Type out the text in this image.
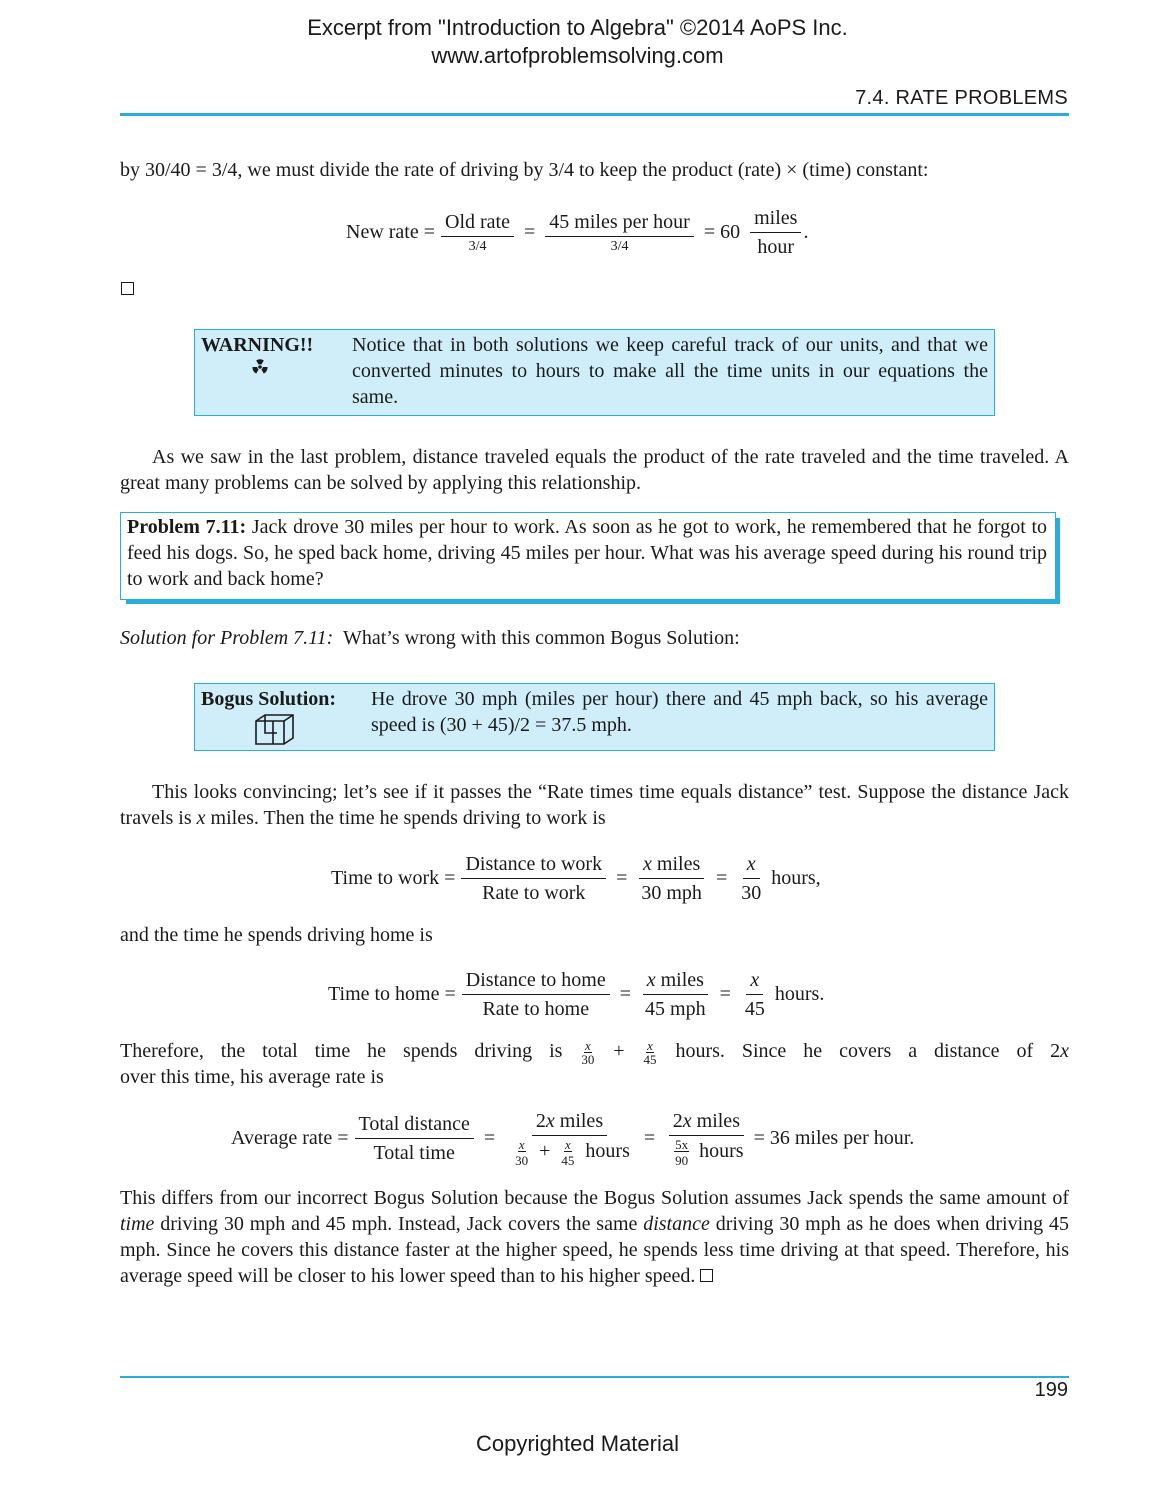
Excerpt from "Introduction to Algebra" ©2014 AoPS Inc.
www.artofproblemsolving.com
7.4. RATE PROBLEMS
by 30/40 = 3/4, we must divide the rate of driving by 3/4 to keep the product (rate) × (time) constant:
New rate = $\frac{\text{Old rate}}{3/4} = \frac{\text{45 miles per hour}}{3/4} = 60 \frac{\text{miles}}{\text{hour}}$ .
WARNING!! Notice that in both solutions we keep careful track of our units, and that we converted minutes to hours to make all the time units in our equations the same.
As we saw in the last problem, distance traveled equals the product of the rate traveled and the time traveled. A great many problems can be solved by applying this relationship.
Problem 7.11: Jack drove 30 miles per hour to work. As soon as he got to work, he remembered that he forgot to feed his dogs. So, he sped back home, driving 45 miles per hour. What was his average speed during his round trip to work and back home?
Solution for Problem 7.11: What’s wrong with this common Bogus Solution:
Bogus Solution: He drove 30 mph (miles per hour) there and 45 mph back, so his average speed is (30 + 45)/2 = 37.5 mph.
This looks convincing; let’s see if it passes the “Rate times time equals distance” test. Suppose the distance Jack travels is x miles. Then the time he spends driving to work is
Time to work = $\frac{\text{Distance to work}}{\text{Rate to work}} = \frac{\text{x miles}}{\text{30 mph}} = \frac{x}{30}$ hours,
and the time he spends driving home is
Time to home = $\frac{\text{Distance to home}}{\text{Rate to home}} = \frac{\text{x miles}}{\text{45 mph}} = \frac{x}{45}$ hours.
Therefore, the total time he spends driving is $\frac{x}{30} + \frac{x}{45}$ hours. Since he covers a distance of 2x
over this time, his average rate is
Average rate = $\frac{\text{Total distance}}{\text{Total time}} = \frac{\text{2x miles}}{\frac{x}{30} + \frac{x}{45} hours} = \frac{\text{2x miles}}{\frac{5x}{90} hours} = 36$ miles per hour.
This differs from our incorrect Bogus Solution because the Bogus Solution assumes Jack spends the same amount of time driving 30 mph and 45 mph. Instead, Jack covers the same distance driving 30 mph as he does when driving 45 mph. Since he covers this distance faster at the higher speed, he spends less time driving at that speed. Therefore, his average speed will be closer to his lower speed than to his higher speed.
199
Copyrighted Material
